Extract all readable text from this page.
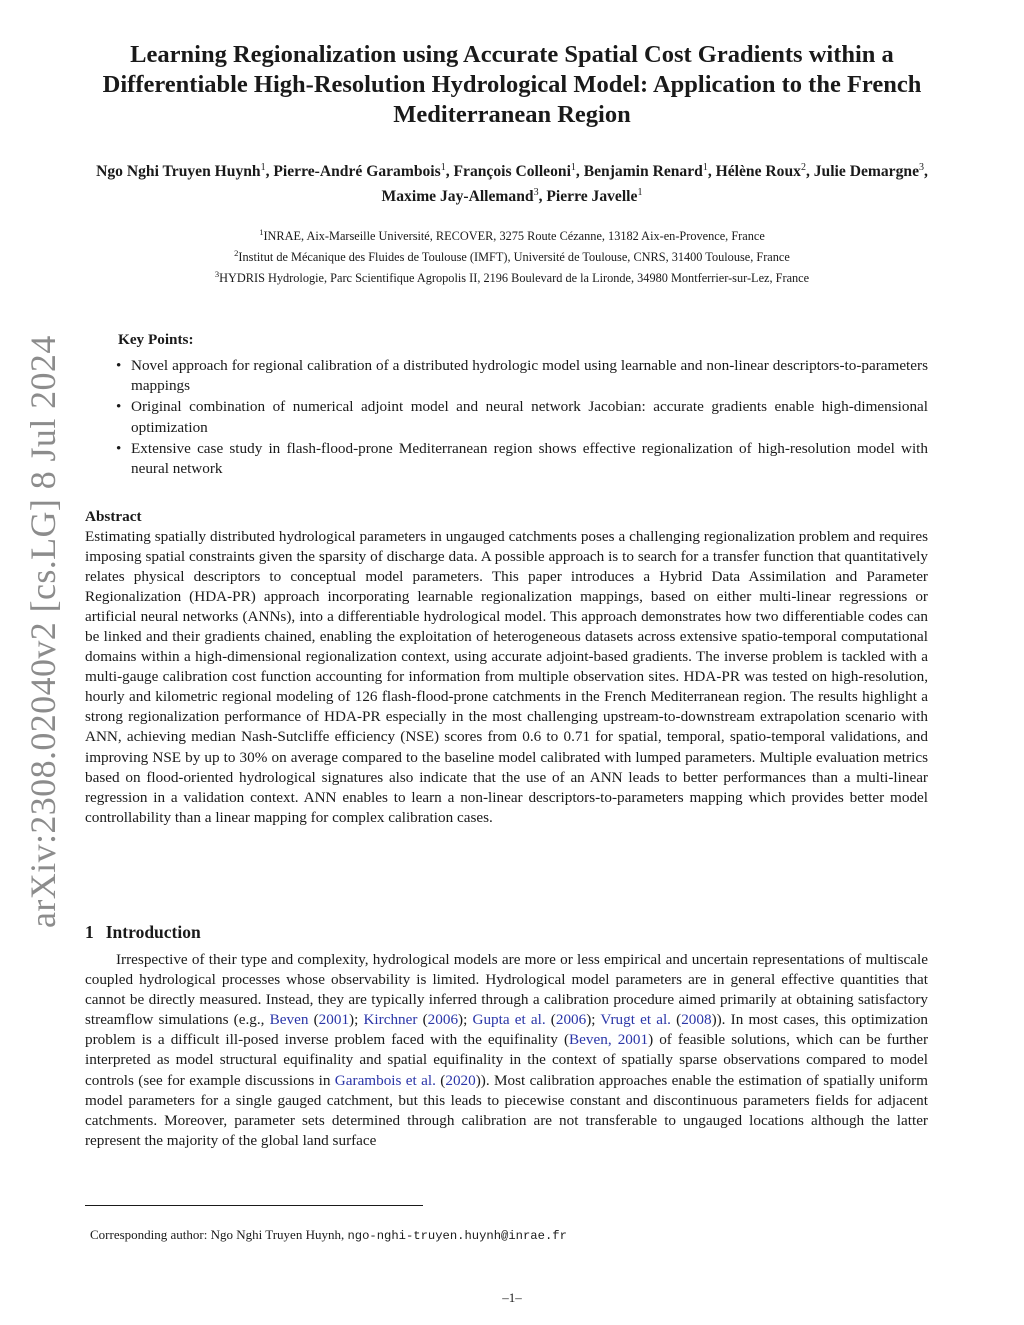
arXiv:2308.02040v2 [cs.LG] 8 Jul 2024
Learning Regionalization using Accurate Spatial Cost Gradients within a Differentiable High-Resolution Hydrological Model: Application to the French Mediterranean Region
Ngo Nghi Truyen Huynh$^1$, Pierre-André Garambois$^1$, François Colleoni$^1$, Benjamin Renard$^1$, Hélène Roux$^2$, Julie Demargne$^3$, Maxime Jay-Allemand$^3$, Pierre Javelle$^1$
$^1$INRAE, Aix-Marseille Université, RECOVER, 3275 Route Cézanne, 13182 Aix-en-Provence, France
$^2$Institut de Mécanique des Fluides de Toulouse (IMFT), Université de Toulouse, CNRS, 31400 Toulouse, France
$^3$HYDRIS Hydrologie, Parc Scientifique Agropolis II, 2196 Boulevard de la Lironde, 34980 Montferrier-sur-Lez, France
Key Points:
• Novel approach for regional calibration of a distributed hydrologic model using learnable and non-linear descriptors-to-parameters mappings
• Original combination of numerical adjoint model and neural network Jacobian: accurate gradients enable high-dimensional optimization
• Extensive case study in flash-flood-prone Mediterranean region shows effective regionalization of high-resolution model with neural network
Abstract

Estimating spatially distributed hydrological parameters in ungauged catchments poses a challenging regionalization problem and requires imposing spatial constraints given the sparsity of discharge data. A possible approach is to search for a transfer function that quantitatively relates physical descriptors to conceptual model parameters. This paper introduces a Hybrid Data Assimilation and Parameter Regionalization (HDA-PR) approach incorporating learnable regionalization mappings, based on either multi-linear regressions or artificial neural networks (ANNs), into a differentiable hydrological model. This approach demonstrates how two differentiable codes can be linked and their gradients chained, enabling the exploitation of heterogeneous datasets across extensive spatio-temporal computational domains within a high-dimensional regionalization context, using accurate adjoint-based gradients. The inverse problem is tackled with a multi-gauge calibration cost function accounting for information from multiple observation sites. HDA-PR was tested on high-resolution, hourly and kilometric regional modeling of 126 flash-flood-prone catchments in the French Mediterranean region. The results highlight a strong regionalization performance of HDA-PR especially in the most challenging upstream-to-downstream extrapolation scenario with ANN, achieving median Nash-Sutcliffe efficiency (NSE) scores from 0.6 to 0.71 for spatial, temporal, spatio-temporal validations, and improving NSE by up to 30% on average compared to the baseline model calibrated with lumped parameters. Multiple evaluation metrics based on flood-oriented hydrological signatures also indicate that the use of an ANN leads to better performances than a multi-linear regression in a validation context. ANN enables to learn a non-linear descriptors-to-parameters mapping which provides better model controllability than a linear mapping for complex calibration cases.

1 Introduction

Irrespective of their type and complexity, hydrological models are more or less empirical and uncertain representations of multiscale coupled hydrological processes whose observability is limited. Hydrological model parameters are in general effective quantities that cannot be directly measured. Instead, they are typically inferred through a calibration procedure aimed primarily at obtaining satisfactory streamflow simulations (e.g., Beven (2001); Kirchner (2006); Gupta et al. (2006); Vrugt et al. (2008)). In most cases, this optimization problem is a difficult ill-posed inverse problem faced with the equifinality (Beven, 2001) of feasible solutions, which can be further interpreted as model structural equifinality and spatial equifinality in the context of spatially sparse observations compared to model controls (see for example discussions in Garambois et al. (2020)). Most calibration approaches enable the estimation of spatially uniform model parameters for a single gauged catchment, but this leads to piecewise constant and discontinuous parameters fields for adjacent catchments. Moreover, parameter sets determined through calibration are not transferable to ungauged locations although the latter represent the majority of the global land surface

Corresponding author: Ngo Nghi Truyen Huynh, ngo-nghi-truyen.huynh@inrae.fr
–1–
